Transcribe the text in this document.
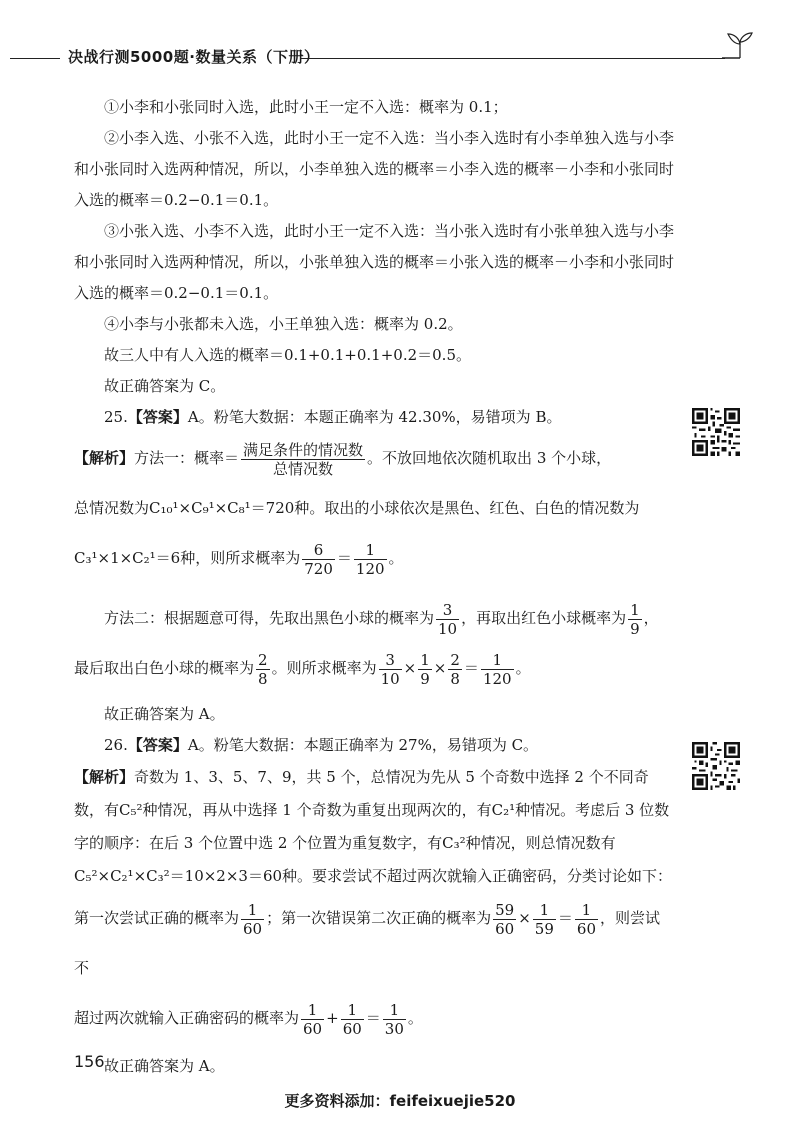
决战行测5000题·数量关系（下册）

①小李和小张同时入选，此时小王一定不入选：概率为 0.1；

②小李入选、小张不入选，此时小王一定不入选：当小李入选时有小李单独入选与小李和小张同时入选两种情况，所以，小李单独入选的概率＝小李入选的概率－小李和小张同时入选的概率＝0.2−0.1＝0.1。

③小张入选、小李不入选，此时小王一定不入选：当小张入选时有小张单独入选与小李和小张同时入选两种情况，所以，小张单独入选的概率＝小张入选的概率－小李和小张同时入选的概率＝0.2−0.1＝0.1。

④小李与小张都未入选，小王单独入选：概率为 0.2。

故三人中有人入选的概率＝0.1+0.1+0.1+0.2＝0.5。

故正确答案为 C。

25.【答案】A。粉笔大数据：本题正确率为 42.30%，易错项为 B。

【解析】方法一：概率＝ $\frac{\text{满足条件的情况数}}{\text{总情况数}}$ 。不放回地依次随机取出 3 个小球，

总情况数为C₁₀¹×C₉¹×C₈¹＝720种。取出的小球依次是黑色、红色、白色的情况数为

C₃¹×1×C₂¹＝6种，则所求概率为 $\frac{6}{720} = \frac{1}{120}$ 。

方法二：根据题意可得，先取出黑色小球的概率为 $\frac{3}{10}$ ，再取出红色小球概率为 $\frac{1}{9}$ ，

最后取出白色小球的概率为 $\frac{2}{8}$ 。则所求概率为 $\frac{3}{10} \times \frac{1}{9} \times \frac{2}{8} = \frac{1}{120}$ 。

故正确答案为 A。

26.【答案】A。粉笔大数据：本题正确率为 27%，易错项为 C。

【解析】奇数为 1、3、5、7、9，共 5 个，总情况为先从 5 个奇数中选择 2 个不同奇数，有C₅²种情况，再从中选择 1 个奇数为重复出现两次的，有C₂¹种情况。考虑后 3 位数字的顺序：在后 3 个位置中选 2 个位置为重复数字，有C₃²种情况，则总情况数有C₅²×C₂¹×C₃²＝10×2×3＝60种。要求尝试不超过两次就输入正确密码，分类讨论如下：

第一次尝试正确的概率为 $\frac{1}{60}$ ；第一次错误第二次正确的概率为 $\frac{59}{60} \times \frac{1}{59} = \frac{1}{60}$ ，则尝试不

超过两次就输入正确密码的概率为 $\frac{1}{60} + \frac{1}{60} = \frac{1}{30}$ 。

故正确答案为 A。

156
更多资料添加：feifeixuejie520
